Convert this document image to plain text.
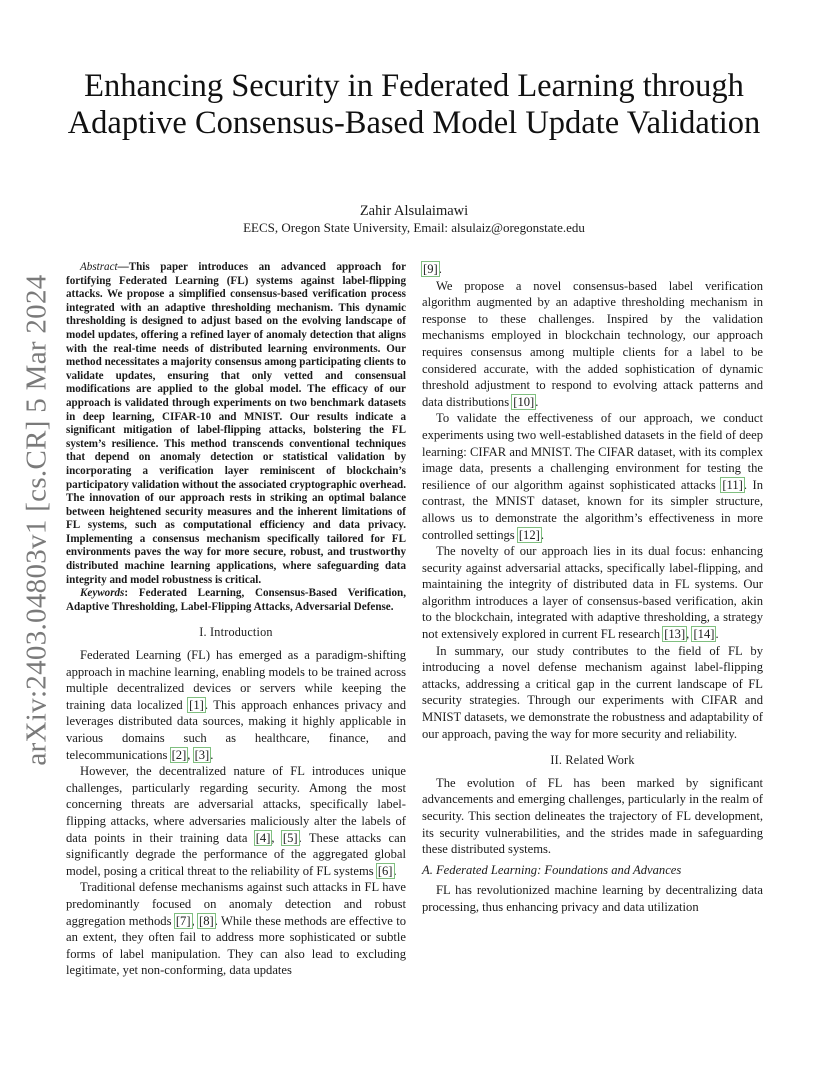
arXiv:2403.04803v1 [cs.CR] 5 Mar 2024
Enhancing Security in Federated Learning through Adaptive Consensus-Based Model Update Validation
Zahir Alsulaimawi
EECS, Oregon State University, Email: alsulaiz@oregonstate.edu

Abstract—This paper introduces an advanced approach for fortifying Federated Learning (FL) systems against label-flipping attacks. We propose a simplified consensus-based verification process integrated with an adaptive thresholding mechanism. This dynamic thresholding is designed to adjust based on the evolving landscape of model updates, offering a refined layer of anomaly detection that aligns with the real-time needs of distributed learning environments. Our method necessitates a majority consensus among participating clients to validate updates, ensuring that only vetted and consensual modifications are applied to the global model. The efficacy of our approach is validated through experiments on two benchmark datasets in deep learning, CIFAR-10 and MNIST. Our results indicate a significant mitigation of label-flipping attacks, bolstering the FL system’s resilience. This method transcends conventional techniques that depend on anomaly detection or statistical validation by incorporating a verification layer reminiscent of blockchain’s participatory validation without the associated cryptographic overhead. The innovation of our approach rests in striking an optimal balance between heightened security measures and the inherent limitations of FL systems, such as computational efficiency and data privacy. Implementing a consensus mechanism specifically tailored for FL environments paves the way for more secure, robust, and trustworthy distributed machine learning applications, where safeguarding data integrity and model robustness is critical.

Keywords: Federated Learning, Consensus-Based Verification, Adaptive Thresholding, Label-Flipping Attacks, Adversarial Defense.

I. Introduction

Federated Learning (FL) has emerged as a paradigm-shifting approach in machine learning, enabling models to be trained across multiple decentralized devices or servers while keeping the training data localized [1]. This approach enhances privacy and leverages distributed data sources, making it highly applicable in various domains such as healthcare, finance, and telecommunications [2], [3].

However, the decentralized nature of FL introduces unique challenges, particularly regarding security. Among the most concerning threats are adversarial attacks, specifically label-flipping attacks, where adversaries maliciously alter the labels of data points in their training data [4], [5]. These attacks can significantly degrade the performance of the aggregated global model, posing a critical threat to the reliability of FL systems [6].

Traditional defense mechanisms against such attacks in FL have predominantly focused on anomaly detection and robust aggregation methods [7], [8]. While these methods are effective to an extent, they often fail to address more sophisticated or subtle forms of label manipulation. They can also lead to excluding legitimate, yet non-conforming, data updates

[9].

We propose a novel consensus-based label verification algorithm augmented by an adaptive thresholding mechanism in response to these challenges. Inspired by the validation mechanisms employed in blockchain technology, our approach requires consensus among multiple clients for a label to be considered accurate, with the added sophistication of dynamic threshold adjustment to respond to evolving attack patterns and data distributions [10].

To validate the effectiveness of our approach, we conduct experiments using two well-established datasets in the field of deep learning: CIFAR and MNIST. The CIFAR dataset, with its complex image data, presents a challenging environment for testing the resilience of our algorithm against sophisticated attacks [11]. In contrast, the MNIST dataset, known for its simpler structure, allows us to demonstrate the algorithm’s effectiveness in more controlled settings [12].

The novelty of our approach lies in its dual focus: enhancing security against adversarial attacks, specifically label-flipping, and maintaining the integrity of distributed data in FL systems. Our algorithm introduces a layer of consensus-based verification, akin to the blockchain, integrated with adaptive thresholding, a strategy not extensively explored in current FL research [13], [14].

In summary, our study contributes to the field of FL by introducing a novel defense mechanism against label-flipping attacks, addressing a critical gap in the current landscape of FL security strategies. Through our experiments with CIFAR and MNIST datasets, we demonstrate the robustness and adaptability of our approach, paving the way for more security and reliability.

II. Related Work

The evolution of FL has been marked by significant advancements and emerging challenges, particularly in the realm of security. This section delineates the trajectory of FL development, its security vulnerabilities, and the strides made in safeguarding these distributed systems.

A. Federated Learning: Foundations and Advances

FL has revolutionized machine learning by decentralizing data processing, thus enhancing privacy and data utilization
